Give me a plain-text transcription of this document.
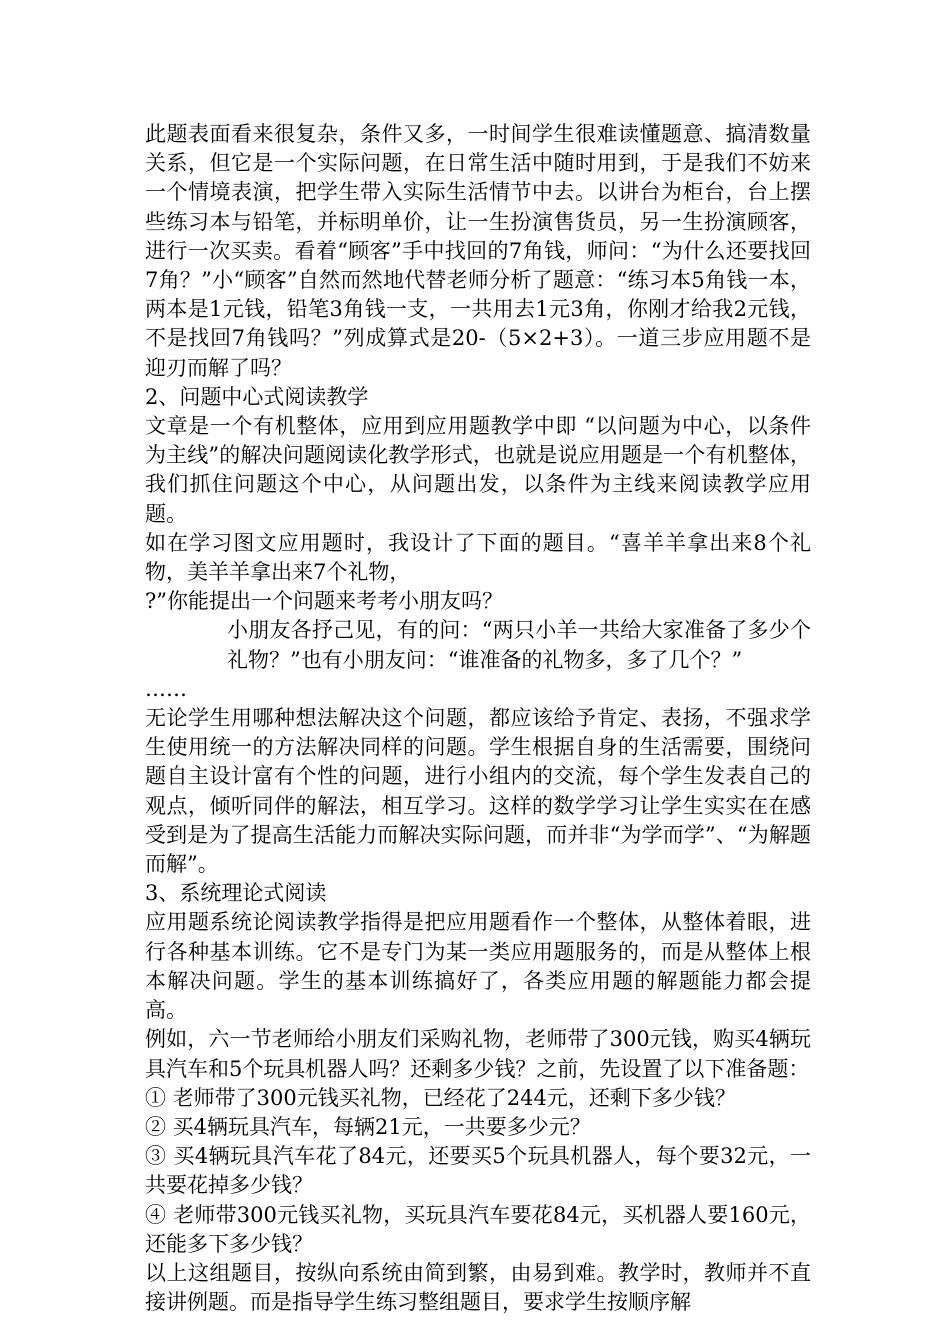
此题表面看来很复杂，条件又多，一时间学生很难读懂题意、搞清数量关系，但它是一个实际问题，在日常生活中随时用到，于是我们不妨来一个情境表演，把学生带入实际生活情节中去。以讲台为柜台，台上摆些练习本与铅笔，并标明单价，让一生扮演售货员，另一生扮演顾客，进行一次买卖。看着“顾客”手中找回的7角钱，师问：“为什么还要找回7角？”小“顾客”自然而然地代替老师分析了题意：“练习本5角钱一本，两本是1元钱，铅笔3角钱一支，一共用去1元3角，你刚才给我2元钱，不是找回7角钱吗？”列成算式是20-（5×2+3）。一道三步应用题不是迎刃而解了吗？

2、问题中心式阅读教学

文章是一个有机整体，应用到应用题教学中即 “以问题为中心，以条件为主线”的解决问题阅读化教学形式，也就是说应用题是一个有机整体，我们抓住问题这个中心，从问题出发，以条件为主线来阅读教学应用题。

如在学习图文应用题时，我设计了下面的题目。“喜羊羊拿出来8个礼物，美羊羊拿出来7个礼物，

?”你能提出一个问题来考考小朋友吗？

小朋友各抒己见，有的问：“两只小羊一共给大家准备了多少个礼物？”也有小朋友问：“谁准备的礼物多，多了几个？”

……

无论学生用哪种想法解决这个问题，都应该给予肯定、表扬，不强求学生使用统一的方法解决同样的问题。学生根据自身的生活需要，围绕问题自主设计富有个性的问题，进行小组内的交流，每个学生发表自己的观点，倾听同伴的解法，相互学习。这样的数学学习让学生实实在在感受到是为了提高生活能力而解决实际问题，而并非“为学而学”、“为解题而解”。

3、系统理论式阅读

应用题系统论阅读教学指得是把应用题看作一个整体，从整体着眼，进行各种基本训练。它不是专门为某一类应用题服务的，而是从整体上根本解决问题。学生的基本训练搞好了，各类应用题的解题能力都会提高。

例如，六一节老师给小朋友们采购礼物，老师带了300元钱，购买4辆玩具汽车和5个玩具机器人吗？还剩多少钱？之前，先设置了以下准备题：

① 老师带了300元钱买礼物，已经花了244元，还剩下多少钱？

② 买4辆玩具汽车，每辆21元，一共要多少元？

③ 买4辆玩具汽车花了84元，还要买5个玩具机器人，每个要32元，一共要花掉多少钱？

④ 老师带300元钱买礼物，买玩具汽车要花84元，买机器人要160元，还能多下多少钱？

以上这组题目，按纵向系统由简到繁，由易到难。教学时，教师并不直接讲例题。而是指导学生练习整组题目，要求学生按顺序解
